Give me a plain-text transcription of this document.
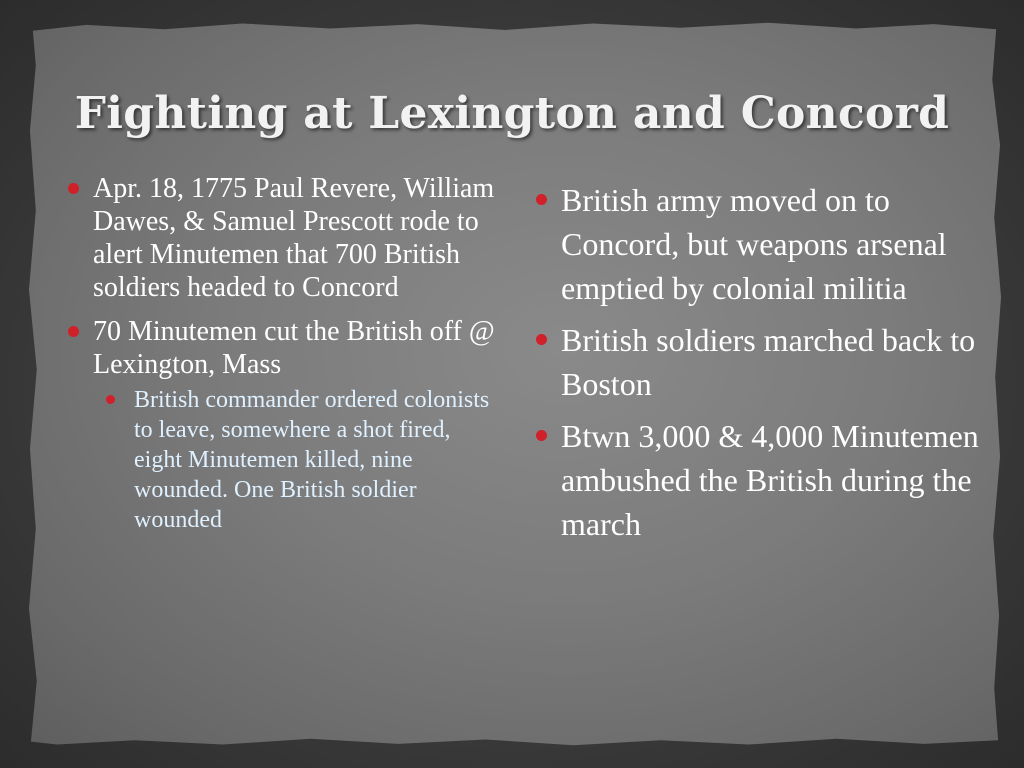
Fighting at Lexington and Concord
Apr. 18, 1775 Paul Revere, William Dawes, & Samuel Prescott rode to alert Minutemen that 700 British soldiers headed to Concord
70 Minutemen cut the British off @ Lexington, Mass
British commander ordered colonists to leave, somewhere a shot fired, eight Minutemen killed, nine wounded. One British soldier wounded
British army moved on to Concord, but weapons arsenal emptied by colonial militia
British soldiers marched back to Boston
Btwn 3,000 & 4,000 Minutemen ambushed the British during the march
